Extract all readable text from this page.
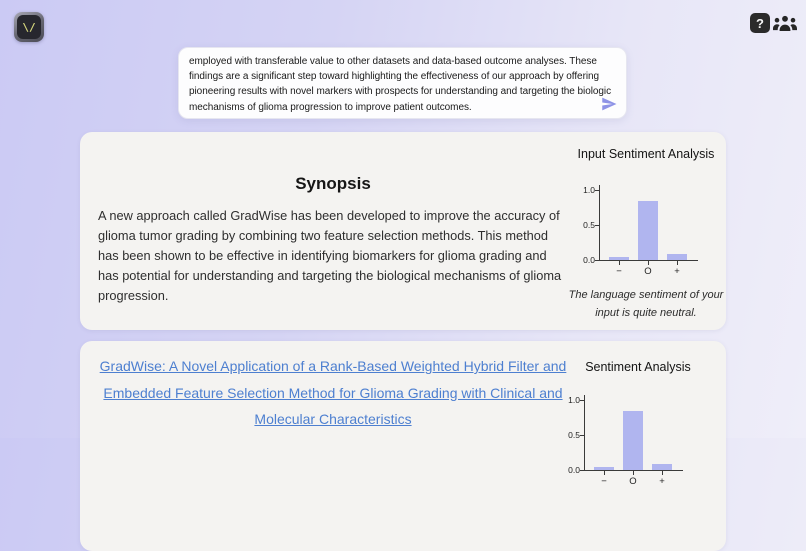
\/	?
employed with transferable value to other datasets and data-based outcome analyses. These findings are a significant step toward highlighting the effectiveness of our approach by offering pioneering results with novel markers with prospects for understanding and targeting the biologic mechanisms of glioma progression to improve patient outcomes.
Synopsis
A new approach called GradWise has been developed to improve the accuracy of glioma tumor grading by combining two feature selection methods. This method has been shown to be effective in identifying biomarkers for glioma grading and has potential for understanding and targeting the biological mechanisms of glioma progression.
Input Sentiment Analysis
0.0
0.5
1.0
−	O	+
The language sentiment of your input is quite neutral.
GradWise: A Novel Application of a Rank-Based Weighted Hybrid Filter and Embedded Feature Selection Method for Glioma Grading with Clinical and Molecular Characteristics
Sentiment Analysis
0.0
0.5
1.0
−	O	+
